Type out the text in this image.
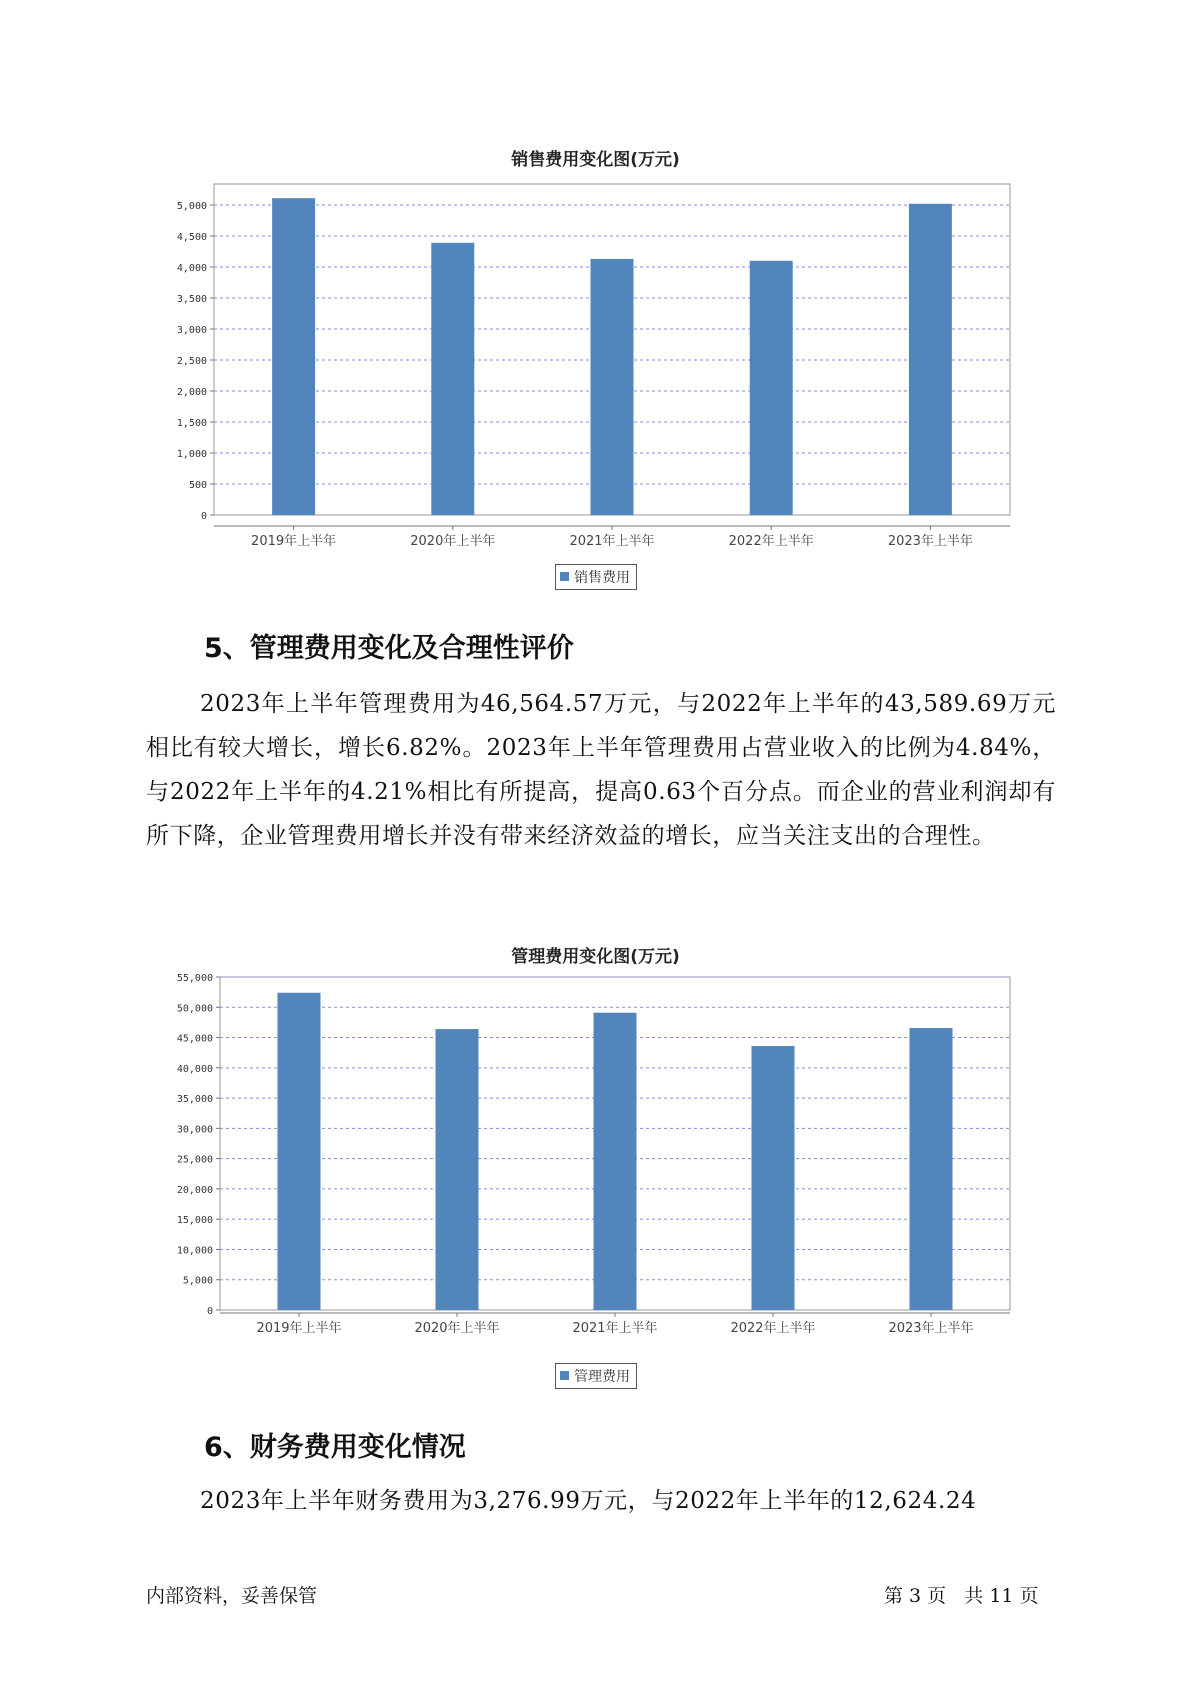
销售费用变化图(万元)
0
500
1,000
1,500
2,000
2,500
3,000
3,500
4,000
4,500
5,000
2019年上半年	2020年上半年	2021年上半年	2022年上半年	2023年上半年
销售费用
5、管理费用变化及合理性评价

2023年上半年管理费用为46,564.57万元，与2022年上半年的43,589.69万元相比有较大增长，增长6.82%。2023年上半年管理费用占营业收入的比例为4.84%，与2022年上半年的4.21%相比有所提高，提高0.63个百分点。而企业的营业利润却有所下降，企业管理费用增长并没有带来经济效益的增长，应当关注支出的合理性。

管理费用变化图(万元)
0
5,000
10,000
15,000
20,000
25,000
30,000
35,000
40,000
45,000
50,000
55,000
2019年上半年	2020年上半年	2021年上半年	2022年上半年	2023年上半年
管理费用
6、财务费用变化情况

2023年上半年财务费用为3,276.99万元，与2022年上半年的12,624.24

内部资料，妥善保管	第 3 页   共 11 页
